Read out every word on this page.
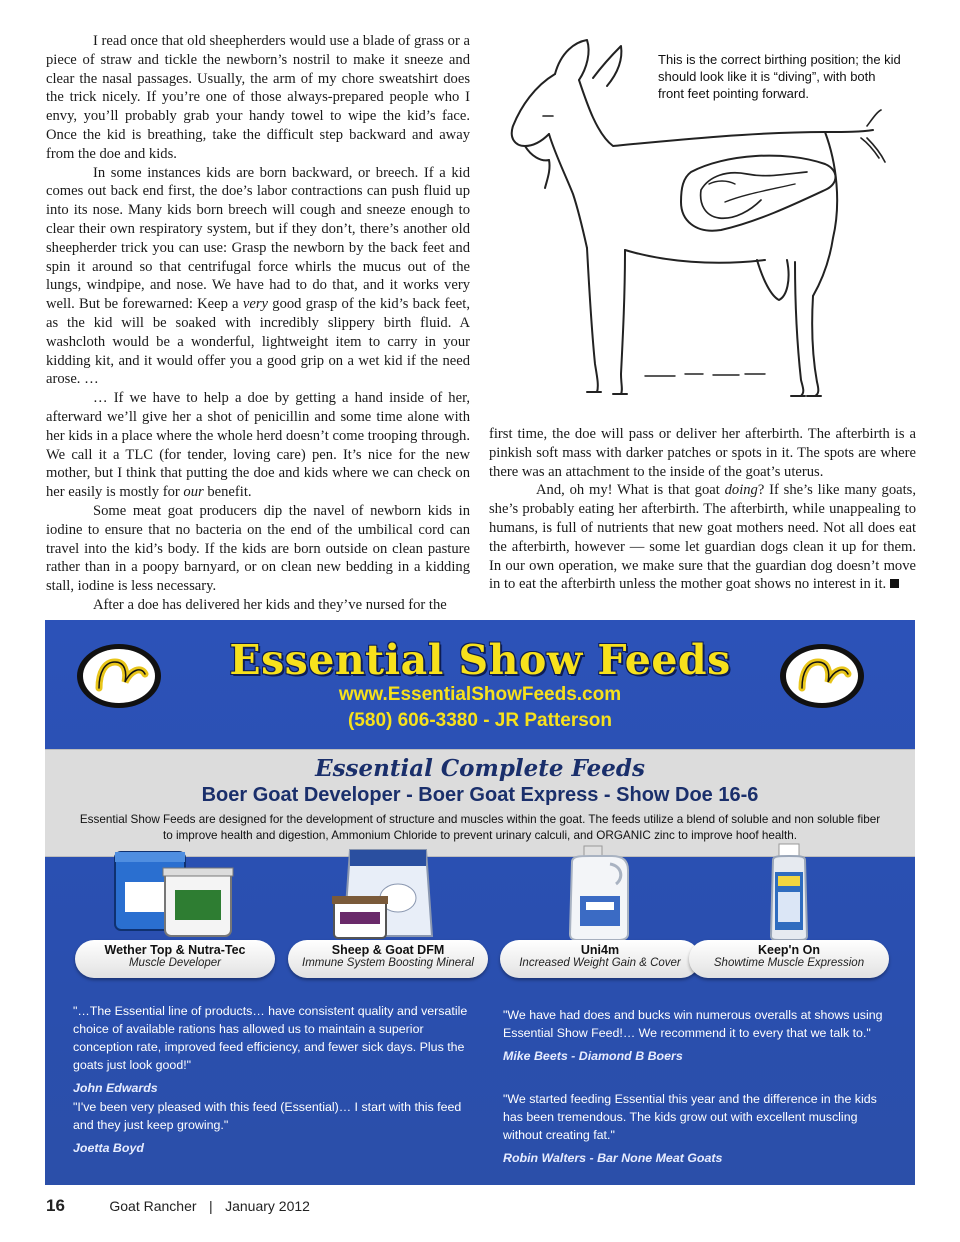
I read once that old sheepherders would use a blade of grass or a piece of straw and tickle the newborn’s nostril to make it sneeze and clear the nasal passages. Usually, the arm of my chore sweatshirt does the trick nicely. If you’re one of those always-prepared people who I envy, you’ll probably grab your handy towel to wipe the kid’s face. Once the kid is breathing, take the difficult step backward and away from the doe and kids.

In some instances kids are born backward, or breech. If a kid comes out back end first, the doe’s labor contractions can push fluid up into its nose. Many kids born breech will cough and sneeze enough to clear their own respiratory system, but if they don’t, there’s another old sheepherder trick you can use: Grasp the newborn by the back feet and spin it around so that centrifugal force whirls the mucus out of the lungs, windpipe, and nose. We have had to do that, and it works very well. But be forewarned: Keep a very good grasp of the kid’s back feet, as the kid will be soaked with incredibly slippery birth fluid. A washcloth would be a wonderful, lightweight item to carry in your kidding kit, and it would offer you a good grip on a wet kid if the need arose. …

… If we have to help a doe by getting a hand inside of her, afterward we’ll give her a shot of penicillin and some time alone with her kids in a place where the whole herd doesn’t come trooping through. We call it a TLC (for tender, loving care) pen. It’s nice for the new mother, but I think that putting the doe and kids where we can check on her easily is mostly for our benefit.

Some meat goat producers dip the navel of newborn kids in iodine to ensure that no bacteria on the end of the umbilical cord can travel into the kid’s body. If the kids are born outside on clean pasture rather than in a poopy barnyard, or on clean new bedding in a kidding stall, iodine is less necessary.

After a doe has delivered her kids and they’ve nursed for the

This is the correct birthing position; the kid should look like it is “diving”, with both front feet pointing forward.

first time, the doe will pass or deliver her afterbirth. The afterbirth is a pinkish soft mass with darker patches or spots in it. The spots are where there was an attachment to the inside of the goat’s uterus.

And, oh my! What is that goat doing? If she’s like many goats, she’s probably eating her afterbirth. The afterbirth, while unappealing to humans, is full of nutrients that new goat mothers need. Not all does eat the afterbirth, however — some let guardian dogs clean it up for them. In our own operation, we make sure that the guardian dog doesn’t move in to eat the afterbirth unless the mother goat shows no interest in it.

Essential Show Feeds
www.EssentialShowFeeds.com
(580) 606-3380 - JR Patterson
Essential Complete Feeds
Boer Goat Developer - Boer Goat Express - Show Doe 16-6
Essential Show Feeds are designed for the development of structure and muscles within the goat. The feeds utilize a blend of soluble and non soluble fiber to improve health and digestion, Ammonium Chloride to prevent urinary calculi, and ORGANIC zinc to improve hoof health.
Wether Top & Nutra-Tec
Muscle Developer
Sheep & Goat DFM
Immune System Boosting Mineral
Uni4m
Increased Weight Gain & Cover
Keep'n On
Showtime Muscle Expression
"…The Essential line of products… have consistent quality and versatile choice of available rations has allowed us to maintain a superior conception rate, improved feed efficiency, and fewer sick days. Plus the goats just look good!"
John Edwards
"I've been very pleased with this feed (Essential)… I start with this feed and they just keep growing."
Joetta Boyd
"We have had does and bucks win numerous overalls at shows using Essential Show Feed!… We recommend it to every that we talk to."
Mike Beets - Diamond B Boers
"We started feeding Essential this year and the difference in the kids has been tremendous. The kids grow out with excellent muscling without creating fat."
Robin Walters - Bar None Meat Goats
16	Goat Rancher | January 2012
